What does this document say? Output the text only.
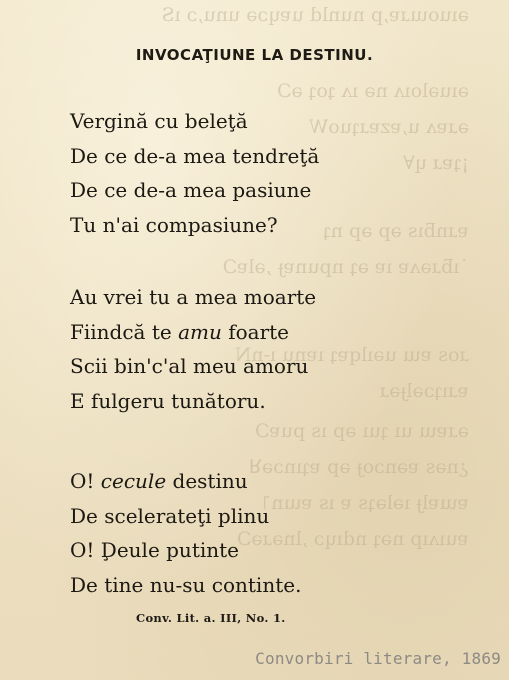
ǝıuoɯɹɐ,p nunld uɐɥɔǝ unu,ɔ ıS
ǝıuǝloıʌ nǝ ıʌ ʇoʇ ǝƆ
ǝɹɐʌ u,ɐzɐɹʇuoW
¡ʇɐɹ ɥ∀
ɐɹnƃıs ǝp ǝp nʇ
˙ıƃɹǝʌɐ ıɐ ǝʇ npunɐɟ ,ǝlɐƆ
ɹos ɐɯ uǝılqɐʇ ıɐnu ı-nN
ɐɹıʇɔǝlɟǝɹ
ǝɹɐɯ uı ʇuı ǝp ıs puɐƆ
¿nǝs ɐǝnɔoɟ ǝp ɐʇınɔǝꓤ
ɐɯɐlɟ ıǝlǝʇs ɐ ıs ɐɯn˥
ɐuıʌıp nǝʇ ndıɥɔ ,lnǝɹǝƆ
INVOCAŢIUNE LA DESTINU.
Vergină cu beleţă
De ce de-a mea tendreţă
De ce de-a mea pasiune
Tu n'ai compasiune?
Au vrei tu a mea moarte
Fiindcă te amu foarte
Scii bin'c'al meu amoru
E fulgeru tunătoru.
O! cecule destinu
De scelerateţi plinu
O! Ḑeule putinte
De tine nu-su continte.
Conv. Lit. a. III, No. 1.
Convorbiri literare, 1869
